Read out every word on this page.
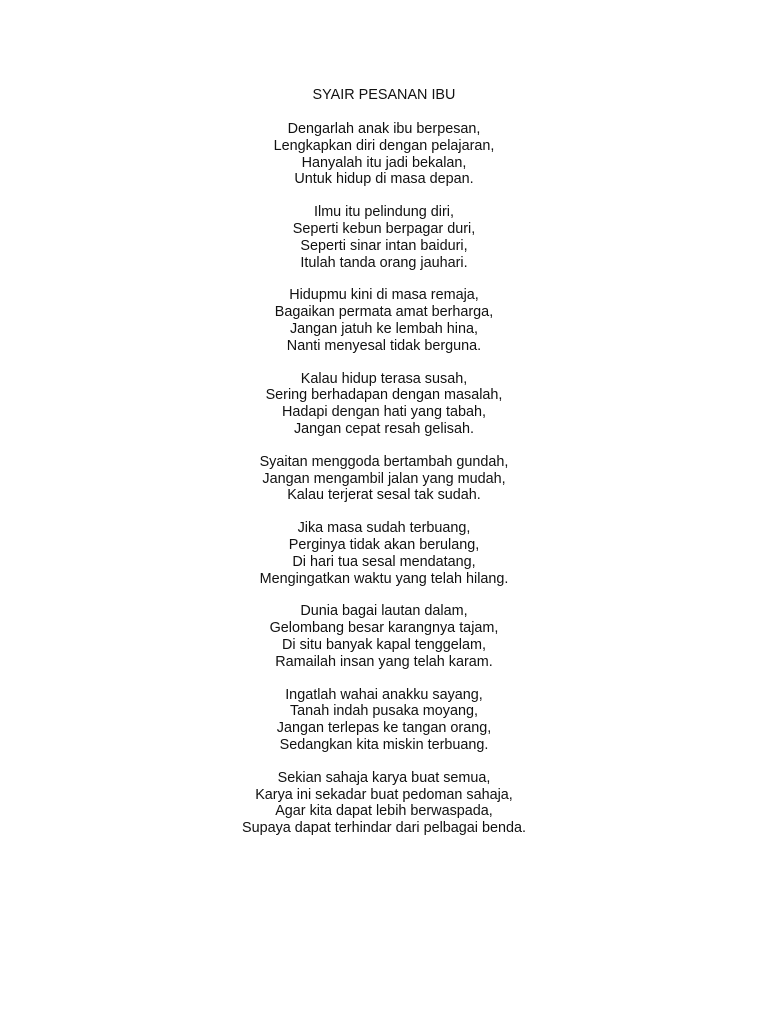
SYAIR PESANAN IBU
Dengarlah anak ibu berpesan,
Lengkapkan diri dengan pelajaran,
Hanyalah itu jadi bekalan,
Untuk hidup di masa depan.
Ilmu itu pelindung diri,
Seperti kebun berpagar duri,
Seperti sinar intan baiduri,
Itulah tanda orang jauhari.
Hidupmu kini di masa remaja,
Bagaikan permata amat berharga,
Jangan jatuh ke lembah hina,
Nanti menyesal tidak berguna.
Kalau hidup terasa susah,
Sering berhadapan dengan masalah,
Hadapi dengan hati yang tabah,
Jangan cepat resah gelisah.
Syaitan menggoda bertambah gundah,
Jangan mengambil jalan yang mudah,
Kalau terjerat sesal tak sudah.
Jika masa sudah terbuang,
Perginya tidak akan berulang,
Di hari tua sesal mendatang,
Mengingatkan waktu yang telah hilang.
Dunia bagai lautan dalam,
Gelombang besar karangnya tajam,
Di situ banyak kapal tenggelam,
Ramailah insan yang telah karam.
Ingatlah wahai anakku sayang,
Tanah indah pusaka moyang,
Jangan terlepas ke tangan orang,
Sedangkan kita miskin terbuang.
Sekian sahaja karya buat semua,
Karya ini sekadar buat pedoman sahaja,
Agar kita dapat lebih berwaspada,
Supaya dapat terhindar dari pelbagai benda.
